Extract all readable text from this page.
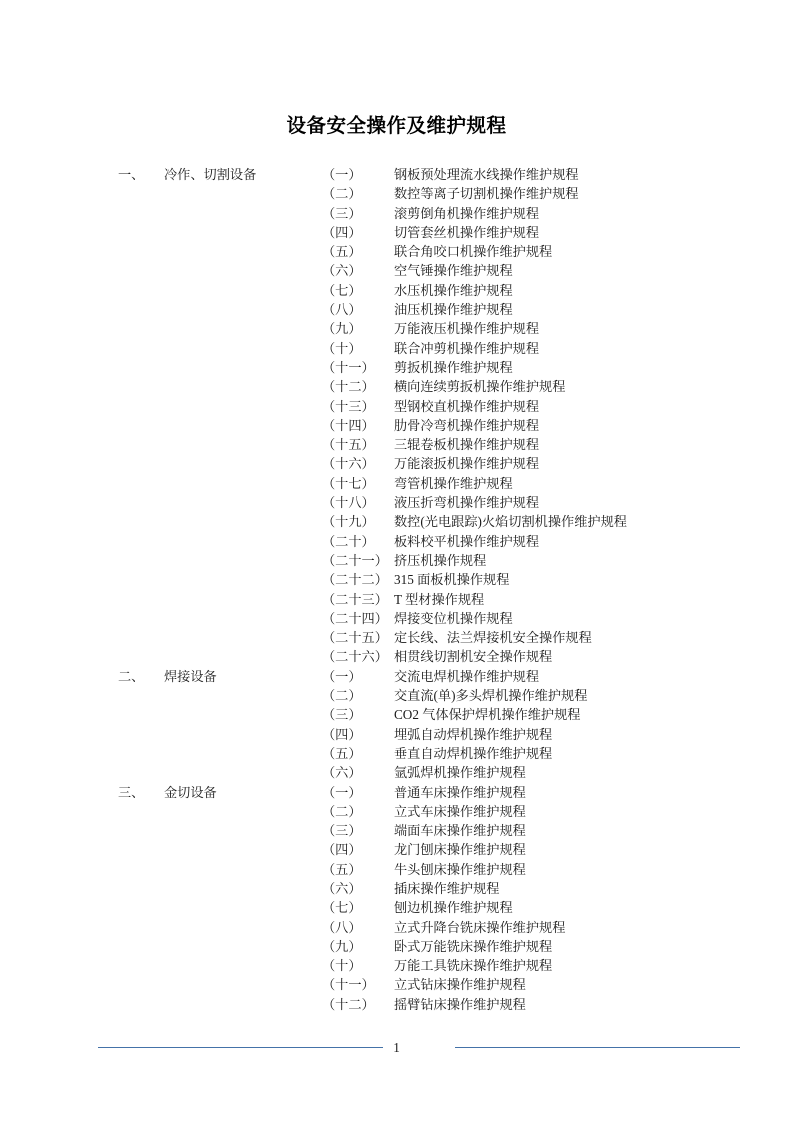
设备安全操作及维护规程
一、 冷作、切割设备	（一） 钢板预处理流水线操作维护规程
（二） 数控等离子切割机操作维护规程
（三） 滚剪倒角机操作维护规程
（四） 切管套丝机操作维护规程
（五） 联合角咬口机操作维护规程
（六） 空气锤操作维护规程
（七） 水压机操作维护规程
（八） 油压机操作维护规程
（九） 万能液压机操作维护规程
（十） 联合冲剪机操作维护规程
（十一） 剪扳机操作维护规程
（十二） 横向连续剪扳机操作维护规程
（十三） 型钢校直机操作维护规程
（十四） 肋骨冷弯机操作维护规程
（十五） 三辊卷板机操作维护规程
（十六） 万能滚扳机操作维护规程
（十七） 弯管机操作维护规程
（十八） 液压折弯机操作维护规程
（十九） 数控(光电跟踪)火焰切割机操作维护规程
（二十） 板料校平机操作维护规程
（二十一） 挤压机操作规程
（二十二） 315 面板机操作规程
（二十三） T 型材操作规程
（二十四） 焊接变位机操作规程
（二十五） 定长线、法兰焊接机安全操作规程
（二十六） 相贯线切割机安全操作规程
二、 焊接设备	（一） 交流电焊机操作维护规程
（二） 交直流(单)多头焊机操作维护规程
（三） CO2 气体保护焊机操作维护规程
（四） 埋弧自动焊机操作维护规程
（五） 垂直自动焊机操作维护规程
（六） 氩弧焊机操作维护规程
三、 金切设备	（一） 普通车床操作维护规程
（二） 立式车床操作维护规程
（三） 端面车床操作维护规程
（四） 龙门刨床操作维护规程
（五） 牛头刨床操作维护规程
（六） 插床操作维护规程
（七） 刨边机操作维护规程
（八） 立式升降台铣床操作维护规程
（九） 卧式万能铣床操作维护规程
（十） 万能工具铣床操作维护规程
（十一） 立式钻床操作维护规程
（十二） 摇臂钻床操作维护规程
1
